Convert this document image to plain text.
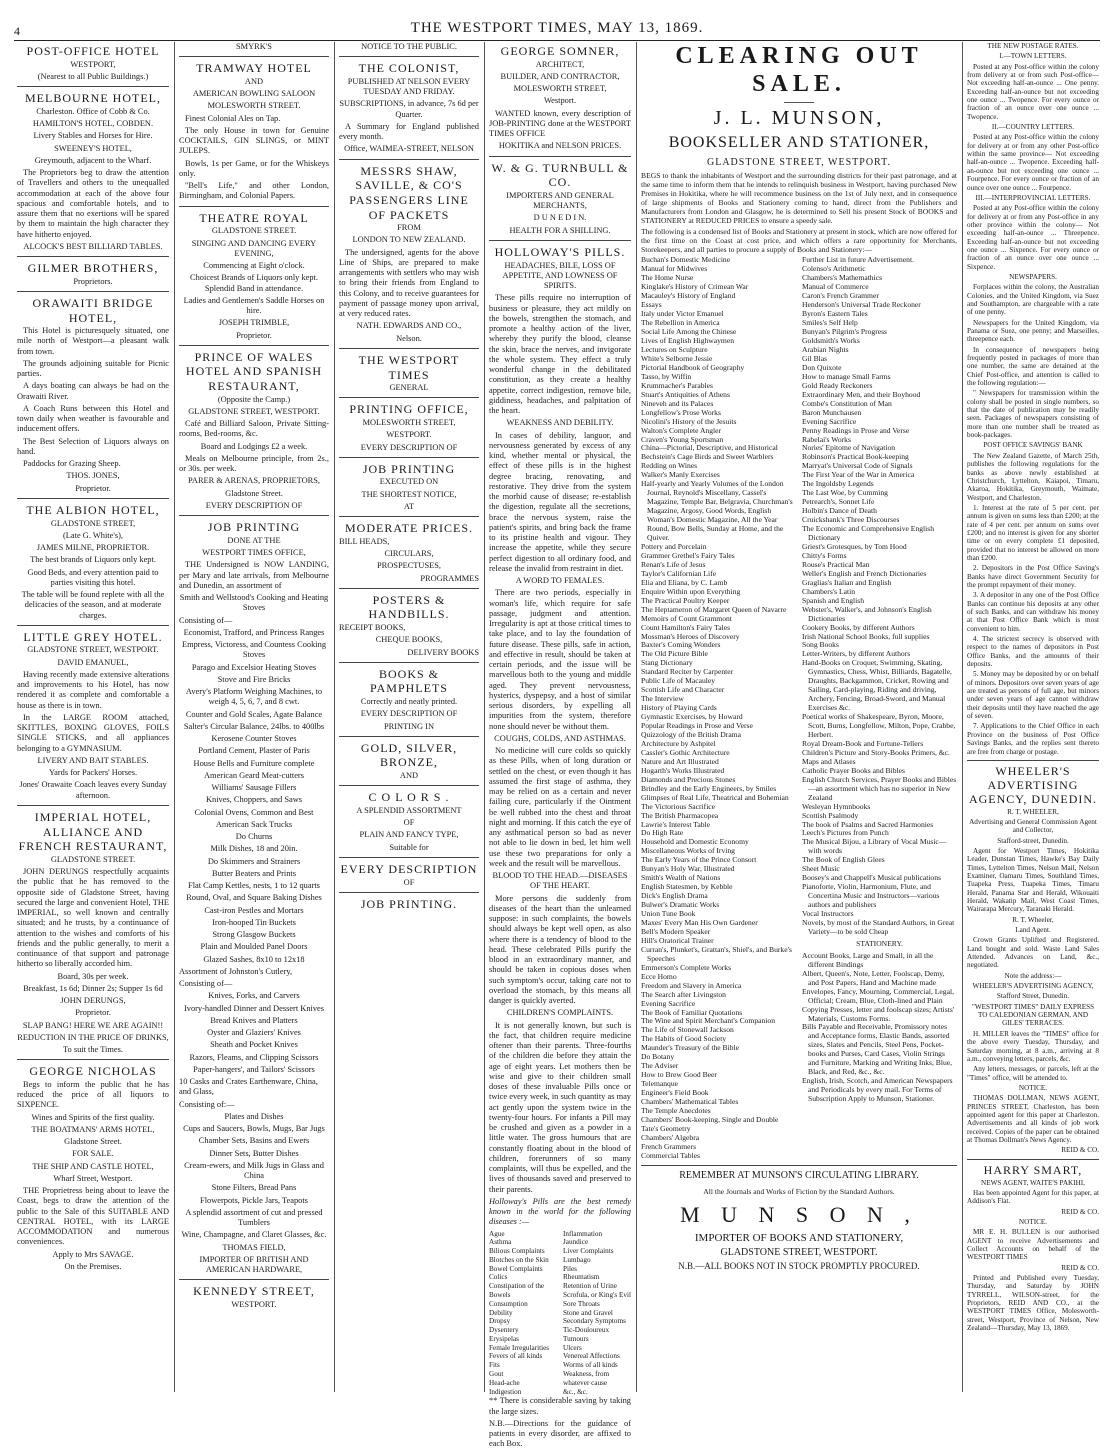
4	THE WESTPORT TIMES, MAY 13, 1869.

POST-OFFICE HOTEL

WESTPORT,

(Nearest to all Public Buildings.)

MELBOURNE HOTEL,

Charleston. Office of Cobb & Co.

HAMILTON'S HOTEL, COBDEN.

Livery Stables and Horses for Hire.

SWEENEY'S HOTEL,

Greymouth, adjacent to the Wharf.

The Proprietors beg to draw the attention of Travellers and others to the unequalled accommodation at each of the above four spacious and comfortable hotels, and to assure them that no exertions will be spared by them to maintain the high character they have hitherto enjoyed.

ALCOCK'S BEST BILLIARD TABLES.

GILMER BROTHERS,

Proprietors.

ORAWAITI BRIDGE HOTEL,

This Hotel is picturesquely situated, one mile north of Westport—a pleasant walk from town.

The grounds adjoining suitable for Picnic parties.

A days boating can always be had on the Orawaiti River.

A Coach Runs between this Hotel and town daily when weather is favourable and inducement offers.

The Best Selection of Liquors always on hand.

Paddocks for Grazing Sheep.

THOS. JONES,

Proprietor.

THE ALBION HOTEL,

GLADSTONE STREET,

(Late G. White's),

JAMES MILNE, PROPRIETOR.

The best brands of Liquors only kept.

Good Beds, and every attention paid to parties visiting this hotel.

The table will be found replete with all the delicacies of the season, and at moderate charges.

LITTLE GREY HOTEL.

GLADSTONE STREET, WESTPORT.

DAVID EMANUEL,

Having recently made extensive alterations and improvements to his Hotel, has now rendered it as complete and comfortable a house as there is in town.

In the LARGE ROOM attached, SKITTLES, BOXING GLOVES, FOILS SINGLE STICKS, and all appliances belonging to a GYMNASIUM.

LIVERY AND BAIT STABLES.

Yards for Packers' Horses.

Jones' Orawaite Coach leaves every Sunday afternoon.

IMPERIAL HOTEL, ALLIANCE AND FRENCH RESTAURANT,

GLADSTONE STREET.

JOHN DERUNGS respectfully acquaints the public that he has removed to the opposite side of Gladstone Street, having secured the large and convenient Hotel, THE IMPERIAL, so well known and centrally situated; and he trusts, by a continuance of attention to the wishes and comforts of his friends and the public generally, to merit a continuance of that support and patronage hitherto so liberally accorded him.

Board, 30s per week.

Breakfast, 1s 6d; Dinner 2s; Supper 1s 6d

JOHN DERUNGS,

Proprietor.

SLAP BANG! HERE WE ARE AGAIN!!

REDUCTION IN THE PRICE OF DRINKS,

To suit the Times.

GEORGE NICHOLAS

Begs to inform the public that he has reduced the price of all liquors to SIXPENCE.

Wines and Spirits of the first quality.

THE BOATMANS' ARMS HOTEL,

Gladstone Street.

FOR SALE.

THE SHIP AND CASTLE HOTEL,

Wharf Street, Westport.

THE Proprietress being about to leave the Coast, begs to draw the attention of the public to the Sale of this SUITABLE AND CENTRAL HOTEL, with its LARGE ACCOMMODATION and numerous conveniences.

Apply to Mrs SAVAGE.

On the Premises.

SMYRK'S

TRAMWAY HOTEL

AND

AMERICAN BOWLING SALOON

MOLESWORTH STREET.

Finest Colonial Ales on Tap.

The only House in town for Genuine COCKTAILS, GIN SLINGS, or MINT JULEPS.

Bowls, 1s per Game, or for the Whiskeys only.

"Bell's Life," and other London, Birmingham, and Colonial Papers.

THEATRE ROYAL

GLADSTONE STREET.

SINGING AND DANCING EVERY EVENING,

Commencing at Eight o'clock.

Choicest Brands of Liquors only kept. Splendid Band in attendance.

Ladies and Gentlemen's Saddle Horses on hire.

JOSEPH TRIMBLE,

Proprietor.

PRINCE OF WALES HOTEL AND SPANISH RESTAURANT,

(Opposite the Camp.)

GLADSTONE STREET, WESTPORT.

Café and Billiard Saloon, Private Sitting-rooms, Bed-rooms, &c.

Board and Lodgings £2 a week.

Meals on Melbourne principle, from 2s., or 30s. per week.

PARER & ARENAS, PROPRIETORS,

Gladstone Street.

EVERY DESCRIPTION OF

JOB PRINTING

DONE AT THE

WESTPORT TIMES OFFICE,

THE Undersigned is NOW LANDING, per Mary and late arrivals, from Melbourne and Dunedin, an assortment of

Smith and Wellstood's Cooking and Heating Stoves

Consisting of—

Economist, Trafford, and Princess Ranges

Empress, Victoress, and Countess Cooking Stoves

Parago and Excelsior Heating Stoves

Stove and Fire Bricks

Avery's Platform Weighing Machines, to weigh 4, 5, 6, 7, and 8 cwt.

Counter and Gold Scales, Agate Balance

Salter's Circular Balance, 24lbs. to 400lbs

Kerosene Counter Stoves

Portland Cement, Plaster of Paris

House Bells and Furniture complete

American Geard Meat-cutters

Williams' Sausage Fillers

Knives, Choppers, and Saws

Colonial Ovens, Common and Best

American Sack Trucks

Do Churns

Milk Dishes, 18 and 20in.

Do Skimmers and Strainers

Butter Beaters and Prints

Flat Camp Kettles, nests, 1 to 12 quarts

Round, Oval, and Square Baking Dishes

Cast-iron Pestles and Mortars

Iron-hooped Tin Buckets

Strong Glasgow Buckets

Plain and Moulded Panel Doors

Glazed Sashes, 8x10 to 12x18

Assortment of Johnston's Cutlery,

Consisting of—

Knives, Forks, and Carvers

Ivory-handled Dinner and Dessert Knives

Bread Knives and Platters

Oyster and Glaziers' Knives

Sheath and Pocket Knives

Razors, Fleams, and Clipping Scissors

Paper-hangers', and Tailors' Scissors

10 Casks and Crates Earthenware, China, and Glass,

Consisting of:—

Plates and Dishes

Cups and Saucers, Bowls, Mugs, Bar Jugs

Chamber Sets, Basins and Ewers

Dinner Sets, Butter Dishes

Cream-ewers, and Milk Jugs in Glass and China

Stone Filters, Bread Pans

Flowerpots, Pickle Jars, Teapots

A splendid assortment of cut and pressed Tumblers

Wine, Champagne, and Claret Glasses, &c.

THOMAS FIELD,

IMPORTER OF BRITISH AND AMERICAN HARDWARE,

KENNEDY STREET,

WESTPORT.

NOTICE TO THE PUBLIC.

THE COLONIST,

PUBLISHED AT NELSON EVERY TUESDAY AND FRIDAY.

SUBSCRIPTIONS, in advance, 7s 6d per Quarter.

A Summary for England published every month.

Office, WAIMEA-STREET, NELSON

MESSRS SHAW, SAVILLE, & CO'S PASSENGERS LINE OF PACKETS

FROM

LONDON TO NEW ZEALAND.

The undersigned, agents for the above Line of Ships, are prepared to make arrangements with settlers who may wish to bring their friends from England to this Colony, and to receive guarantees for payment of passage money upon arrival, at very reduced rates.

NATH. EDWARDS AND CO.,

Nelson.

THE WESTPORT TIMES

GENERAL

PRINTING OFFICE,

MOLESWORTH STREET,

WESTPORT.

EVERY DESCRIPTION OF

JOB PRINTING

EXECUTED ON

THE SHORTEST NOTICE,

AT

MODERATE PRICES.

BILL HEADS,

CIRCULARS,

PROSPECTUSES,

PROGRAMMES

POSTERS & HANDBILLS.

RECEIPT BOOKS,

CHEQUE BOOKS,

DELIVERY BOOKS

BOOKS & PAMPHLETS

Correctly and neatly printed.

EVERY DESCRIPTION OF

PRINTING IN

GOLD, SILVER, BRONZE,

AND

C O L O R S .

A SPLENDID ASSORTMENT

OF

PLAIN AND FANCY TYPE,

Suitable for

EVERY DESCRIPTION

OF

JOB PRINTING.

GEORGE SOMNER,

ARCHITECT,

BUILDER, AND CONTRACTOR,

MOLESWORTH STREET,

Westport.

WANTED known, every description of JOB-PRINTING done at the WESTPORT TIMES OFFICE

HOKITIKA and NELSON PRICES.

W. & G. TURNBULL & CO.

IMPORTERS AND GENERAL MERCHANTS,

D U N E D I N.

HEALTH FOR A SHILLING.

HOLLOWAY'S PILLS.

HEADACHES, BILE, LOSS OF APPETITE, AND LOWNESS OF SPIRITS.

These pills require no interruption of business or pleasure, they act mildly on the bowels, strengthen the stomach, and promote a healthy action of the liver, whereby they purify the blood, cleanse the skin, brace the nerves, and invigorate the whole system. They effect a truly wonderful change in the debilitated constitution, as they create a healthy appetite, correct indigestion, remove bile, giddiness, headaches, and palpitation of the heart.

WEAKNESS AND DEBILITY.

In cases of debility, languor, and nervousness generated by excess of any kind, whether mental or physical, the effect of these pills is in the highest degree bracing, renovating, and restorative. They drive from the system the morbid cause of disease; re-establish the digestion, regulate all the secretions, brace the nervous system, raise the patient's spirits, and bring back the frame to its pristine health and vigour. They increase the appetite, while they secure perfect digestion to all ordinary food, and release the invalid from restraint in diet.

A WORD TO FEMALES.

There are two periods, especially in woman's life, which require for safe passage, judgment and attention. Irregularity is apt at those critical times to take place, and to lay the foundation of future disease. These pills, safe in action, and effective in result, should be taken at certain periods, and the issue will be marvellous both to the young and middle aged. They prevent nervousness, hysterics, dyspepsy, and a host of similar serious disorders, by expelling all impurities from the system, therefore none should never be without them.

COUGHS, COLDS, AND ASTHMAS.

No medicine will cure colds so quickly as these Pills, when of long duration or settled on the chest, or even though it has assumed the first stage of asthma, they may be relied on as a certain and never failing cure, particularly if the Ointment be well rubbed into the chest and throat night and morning. If this catch the eye of any asthmatical person so bad as never not able to lie down in bed, let him well use these two preparations for only a week and the result will be marvellous.

BLOOD TO THE HEAD.—DISEASES OF THE HEART.

More persons die suddenly from diseases of the heart than the unlearned suppose: in such complaints, the bowels should always be kept well open, as also where there is a tendency of blood to the head. These celebrated Pills purify the blood in an extraordinary manner, and should be taken in copious doses when such symptom's occur, taking care not to overload the stomach, by this means all danger is quickly averted.

CHILDREN'S COMPLAINTS.

It is not generally known, but such is the fact, that children require medicine oftener than their parents. Three-fourths of the children die before they attain the age of eight years. Let mothers then be wise and give to their children small doses of these invaluable Pills once or twice every week, in such quantity as may act gently upon the system twice in the twenty-four hours. For infants a Pill may be crushed and given as a powder in a little water. The gross humours that are constantly floating about in the blood of children, forerunners of so many complaints, will thus be expelled, and the lives of thousands saved and preserved to their parents.

Holloway's Pills are the best remedy known in the world for the following diseases :—

Ague
Asthma
Bilious Complaints
Blotches on the Skin
Bowel Complaints
Colics
Constipation of the Bowels
Consumption
Debility
Dropsy
Dysentery
Erysipelas
Female Irregularities
Fevers of all kinds
Fits
Gout
Head-ache
Indigestion
Inflammation
Jaundice
Liver Complaints
Lumbago
Piles
Rheumatism
Retention of Urine
Scrofula, or King's Evil
Sore Throats
Stone and Gravel
Secondary Symptoms
Tic-Douloureux
Tumours
Ulcers
Venereal Affections
Worms of all kinds
Weakness, from whatever cause
&c., &c.

** There is considerable saving by taking the large sizes.

N.B.—Directions for the guidance of patients in every disorder, are affixed to each Box.

CLEARING OUT SALE.
J. L. MUNSON,
BOOKSELLER AND STATIONER,
GLADSTONE STREET, WESTPORT.

BEGS to thank the inhabitants of Westport and the surrounding districts for their past patronage, and at the same time to inform them that he intends to relinquish business in Westport, having purchased New Premises in Hokitika, where he will recommence business on the 1st of July next, and in consequence of large shipments of Books and Stationery coming to hand, direct from the Publishers and Manufacturers from London and Glasgow, he is determined to Sell his present Stock of BOOKS and STATIONERY at REDUCED PRICES to ensure a speedy sale.

The following is a condensed list of Books and Stationery at present in stock, which are now offered for the first time on the Coast at cost price, and which offers a rare opportunity for Merchants, Storekeepers, and all parties to procure a supply of Books and Stationery:—

Buchan's Domestic Medicine

Manual for Midwives

The Home Nurse

Kinglake's History of Crimean War

Macauley's History of England

Essays

Italy under Victor Emanuel

The Rebellion in America

Social Life Among the Chinese

Lives of English Highwaymen

Lectures on Sculpture

White's Selborne Jessie

Pictorial Handbook of Geography

Tasso, by Wiffin

Krummacher's Parables

Stuart's Antiquities of Athens

Nineveh and its Palaces

Longfellow's Prose Works

Nicolini's History of the Jesuits

Walton's Complete Angler

Craven's Young Sportsman

China—Pictorial, Descriptive, and Historical

Bechstein's Cage Birds and Sweet Warblers

Redding on Wines

Walker's Manly Exercises

Half-yearly and Yearly Volumes of the London Journal, Reynold's Miscellany, Cassel's Magazine, Temple Bar, Belgravia, Churchman's Magazine, Argosy, Good Words, English Woman's Domestic Magazine, All the Year Round, Bow Bells, Sunday at Home, and the Quiver.

Pottery and Porcelain

Grammer Grethel's Fairy Tales

Renan's Life of Jesus

Taylor's Californian Life

Elia and Eliana, by C. Lamb

Enquire Within upon Everything

The Practical Poultry Keeper

The Heptameron of Margaret Queen of Navarre

Memoirs of Count Grammont

Count Hamilton's Fairy Tales

Mossman's Heroes of Discovery

Baxter's Coming Wonders

The Old Picture Bible

Stang Dictionary

Standard Reciter by Carpenter

Public Life of Macauley

Scottish Life and Character

The Interview

History of Playing Cards

Gymnastic Exercises, by Howard

Popular Readings in Prose and Verse

Quizzology of the British Drama

Architecture by Ashpitel

Cassler's Gothic Architecture

Nature and Art Illustrated

Hogarth's Works Illustrated

Diamonds and Precious Stones

Brindley and the Early Engineers, by Smiles

Glimpses of Real Life, Theatrical and Bohemian

The Victorious Sacrifice

The British Pharmacopea

Lawrie's Interest Table

Do High Rate

Household and Domestic Economy

Miscellaneous Works of Irving

The Early Years of the Prince Consort

Bunyan's Holy War, Illustrated

Smith's Wealth of Nations

English Statesmen, by Kebble

Dick's English Drama

Bulwer's Dramatic Works

Union Tune Book

Maxes' Every Man His Own Gardener

Bell's Modern Speaker

Hill's Oratorical Trainer

Curran's, Plunket's, Grattan's, Shiel's, and Burke's Speeches

Emmerson's Complete Works

Ecce Homo

Freedom and Slavery in America

The Search after Livingston

Evening Sacrifice

The Book of Familiar Quotations

The Wine and Spirit Merchant's Companion

The Life of Stonewall Jackson

The Habits of Good Society

Maunder's Treasury of the Bible

Do Botany

The Adviser

How to Brew Good Beer

Telemanque

Engineer's Field Book

Chambers' Mathematical Tables

The Temple Anecdotes

Chambers' Book-keeping, Single and Double

Tate's Geometry

Chambers' Algebra

French Grammers

Commercial Tables

Further List in future Advertisement.

Colenso's Arithmetic

Chambers's Mathemathics

Manual of Commerce

Caron's French Grammer

Henderson's Universal Trade Reckoner

Byron's Eastern Tales

Smiles's Self Help

Bunyan's Pilgrim's Progress

Goldsmith's Works

Arabian Nights

Gil Blas

Don Quixote

How to manage Small Farms

Gold Ready Reckoners

Extraordinary Men, and their Boyhood

Combe's Constitution of Man

Baron Munchausen

Evening Sacrifice

Penny Readings in Prose and Verse

Rabelai's Works

Nories' Epitome of Navigation

Robinson's Practical Book-keeping

Marryat's Universal Code of Signals

The First Year of the War in America

The Ingoldsby Legends

The Last Woe, by Cumming

Petrearch's, Sonnet Life

Holbin's Dance of Death

Cruickshank's Three Discourses

The Economic and Comprehensive English Dictionary

Griest's Grotesques, by Tom Hood

Chitty's Forms

Rouse's Practical Man

Weller's English and French Dictionaries

Graglias's Italian and English

Chambers's Latin

Spanish and English

Webster's, Walker's, and Johnson's English Dictionaries

Cookery Books, by different Authors

Irish National School Books, full supplies

Song Books

Letter-Writers, by different Authors

Hand-Books on Croquet, Swimming, Skating, Gymnastics, Chess, Whist, Billiards, Bagatelle, Draughts, Backgammon, Cricket, Rowing and Sailing, Card-playing, Riding and driving, Archery, Fencing, Broad-Sword, and Manual Exercises &c.

Poetical works of Shakespeare, Byron, Moore, Scott, Burns, Longfellow, Milton, Pope, Crabbe, Herbert.

Royal Dream-Book and Fortune-Tellers

Children's Picture and Story-Books Primers, &c.

Maps and Atlases

Catholic Prayer Books and Bibles

English Church Services, Prayer Books and Bibles—an assortment which has no superior in New Zealand

Wesleyan Hymnbooks

Scottish Psalmody

The book of Psalms and Sacred Harmonies

Leech's Pictures from Punch

The Musical Bijou, a Library of Vocal Music—with words

The Book of English Glees

Sheet Music

Boosey's and Chappell's Musical publications

Pianoforte, Violin, Harmonium, Flute, and Concertina Music and Instructors—various authors and publishers

Vocal Instructors

Novels, by most of the Standard Authors, in Great Variety—to be sold Cheap

STATIONERY.

Account Books, Large and Small, in all the different Bindings

Albert, Queen's, Note, Letter, Foolscap, Demy, and Post Papers, Hand and Machine made

Envelopes, Fancy, Mourning, Commercial, Legal, Official; Cream, Blue, Cloth-lined and Plain

Copying Presses, letter and foolscap sizes; Artists' Materials, Customs Forms.

Bills Payable and Receivable, Promissory notes and Acceptance forms, Elastic Bands, assorted sizes, Slates and Pencils, Steel Pens, Pocket-books and Purses, Card Cases, Violin Strings and Furniture, Marking and Writing Inks, Blue, Black, and Red, &c., &c.

English, Irish, Scotch, and American Newspapers and Periodicals by every mail. For Terms of Subscription Apply to Munson, Stationer.

REMEMBER AT MUNSON'S CIRCULATING LIBRARY.
All the Journals and Works of Fiction by the Standard Authors.
M U N S O N ,
IMPORTER OF BOOKS AND STATIONERY,
GLADSTONE STREET, WESTPORT.
N.B.—ALL BOOKS NOT IN STOCK PROMPTLY PROCURED.

THE NEW POSTAGE RATES.

I.—TOWN LETTERS.

Posted at any Post-office within the colony from delivery at or from such Post-office— Not exceeding half-an-ounce ... One penny. Exceeding half-an-ounce but not exceeding one ounce ... Twopence. For every ounce or fraction of an ounce over one ounce ... Twopence.

II.—COUNTRY LETTERS.

Posted at any Post-office within the colony for delivery at or from any other Post-office within the same province— Not exceeding half-an-ounce ... Twopence. Exceeding half-an-ounce but not exceeding one ounce ... Fourpence. For every ounce or fraction of an ounce over one ounce ... Fourpence.

III.—INTERPROVINCIAL LETTERS.

Posted at any Post-office within the colony for delivery at or from any Post-office in any other province within the colony— Not exceeding half-an-ounce ... Threepence. Exceeding half-an-ounce but not exceeding one ounce ... Sixpence. For every ounce or fraction of an ounce over one ounce ... Sixpence.

NEWSPAPERS.

Forplaces within the colony, the Australian Colonies, and the United Kingdom, via Suez and Southampton, are chargeable with a rate of one penny.

Newspapers for the United Kingdom, via Panama or Suez, one penny; and Marseilles, threepence each.

In consequence of newspapers being frequently posted in packages of more than one number, the same are detained at the Chief Post-office, and attention is called to the following regulation:—

" Newspapers for transmission within the colony shall be posted in single numbers, so that the date of publication may be readily seen. Packages of newspapers consisting of more than one number shall be treated as book-packages.

POST OFFICE SAVINGS' BANK

The New Zealand Gazette, of March 25th, publishes the following regulations for the banks as above newly established at Christchurch, Lyttelton, Kaiapoi, Timaru, Akaroa, Hokitika, Greymouth, Waimate, Westport, and Charleston.

1. Interest at the rate of 5 per cent. per annum is given on sums less than £200; at the rate of 4 per cent. per annum on sums over £200; and no interest is given for any shorter time or on every complete £1 deposited, provided that no interest be allowed on more than £200.

2. Depositors in the Post Office Saving's Banks have direct Government Security for the prompt repayment of their money.

3. A depositor in any one of the Post Office Banks can continue his deposits at any other of such Banks, and can withdraw his money at that Post Office Bank which is most convenient to him.

4. The strictest secrecy is observed with respect to the names of depositors in Post Office Banks, and the amounts of their deposits.

5. Money may be deposited by or on behalf of minors. Depositors over seven years of age are treated as persons of full age, but minors under seven years of age cannot withdraw their deposits until they have reached the age of seven.

7. Applications to the Chief Office in each Province on the business of Post Office Savings Banks, and the replies sent thereto are free from charge or postage.

WHEELER'S ADVERTISING AGENCY, DUNEDIN.

R. T. WHEELER,

Advertising and General Commission Agent and Collector,

Stafford-street, Dunedin.

Agent for Westport Times, Hokitika Leader, Dunstan Times, Hawke's Bay Daily Times, Lyttelton Times, Nelson Mail, Nelson Examiner, Oamaru Times, Southland Times, Tuapeka Press, Tuapeka Times, Timaru Herald, Panama Star and Herald, Wikouaiti Herald, Wakatip Mail, West Coast Times, Wairarapa Mercury, Taranaki Herald.

R. T. Wheeler,

Land Agent.

Crown Grants Uplifted and Registered. Land bought and sold. Waste Land Sales Attended. Advances on Land, &c., negotiated.

Note the address:—

WHEELER'S ADVERTISING AGENCY,

Stafford Street, Dunedin.

"WESTPORT TIMES" DAILY EXPRESS TO CALEDONIAN GERMAN, AND GILES' TERRACES.

H. MILLER leaves the "TIMES" office for the above every Tuesday, Thursday, and Saturday morning, at 8 a.m., arriving at 8 a.m., conveying letters, parcels, &c.

Any letters, messages, or parcels, left at the "Times" office, will be attended to.

NOTICE.

THOMAS DOLLMAN, NEWS AGENT, PRINCES STREET, Charleston, has been appointed agent for this paper at Charleston. Advertisements and all kinds of job work received. Copies of the paper can be obtained at Thomas Dollman's News Agency.

REID & CO.

HARRY SMART,

NEWS AGENT, WAITE'S PAKIHI,

Has been appointed Agent for this paper, at Addison's Flat.

REID & CO.

NOTICE.

MR E. H. BULLEN is our authorised AGENT to receive Advertisements and Collect Accounts on behalf of the WESTPORT TIMES

REID & CO.

Printed and Published every Tuesday, Thursday, and Saturday by JOHN TYRRELL, WILSON-street, for the Proprietors, REID AND CO., at the WESTPORT TIMES Office, Molesworth-street, Westport, Province of Nelson, New Zealand—Thursday, May 13, 1869.
